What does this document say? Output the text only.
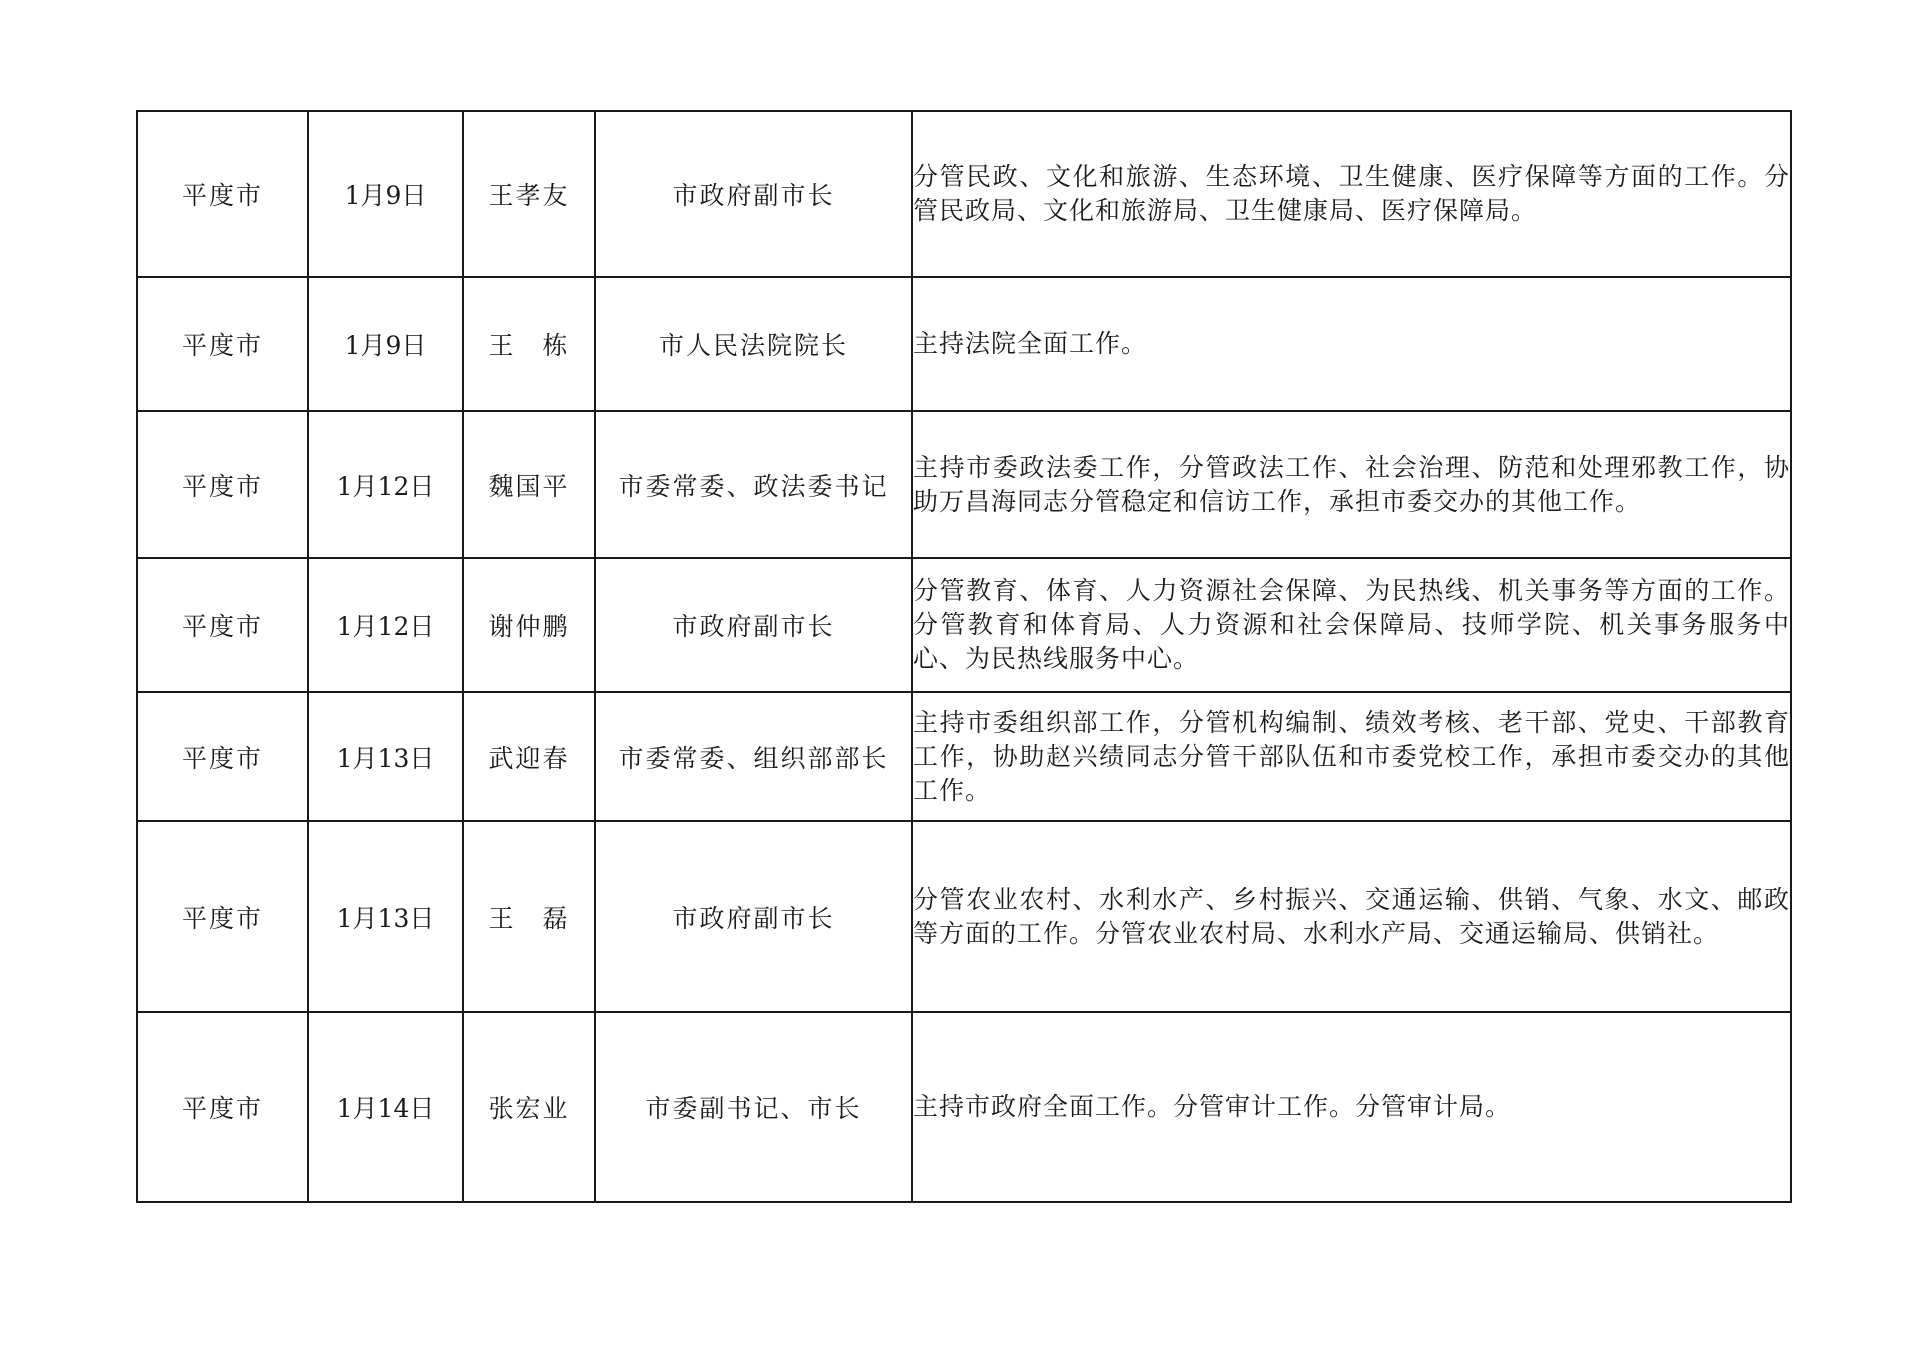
平度市	1月9日	王孝友	市政府副市长	分管民政、文化和旅游、生态环境、卫生健康、医疗保障等方面的工作。分管民政局、文化和旅游局、卫生健康局、医疗保障局。
平度市	1月9日	王　栋	市人民法院院长	主持法院全面工作。
平度市	1月12日	魏国平	市委常委、政法委书记	主持市委政法委工作，分管政法工作、社会治理、防范和处理邪教工作，协助万昌海同志分管稳定和信访工作，承担市委交办的其他工作。
平度市	1月12日	谢仲鹏	市政府副市长	分管教育、体育、人力资源社会保障、为民热线、机关事务等方面的工作。分管教育和体育局、人力资源和社会保障局、技师学院、机关事务服务中心、为民热线服务中心。
平度市	1月13日	武迎春	市委常委、组织部部长	主持市委组织部工作，分管机构编制、绩效考核、老干部、党史、干部教育工作，协助赵兴绩同志分管干部队伍和市委党校工作，承担市委交办的其他工作。
平度市	1月13日	王　磊	市政府副市长	分管农业农村、水利水产、乡村振兴、交通运输、供销、气象、水文、邮政等方面的工作。分管农业农村局、水利水产局、交通运输局、供销社。
平度市	1月14日	张宏业	市委副书记、市长	主持市政府全面工作。分管审计工作。分管审计局。
